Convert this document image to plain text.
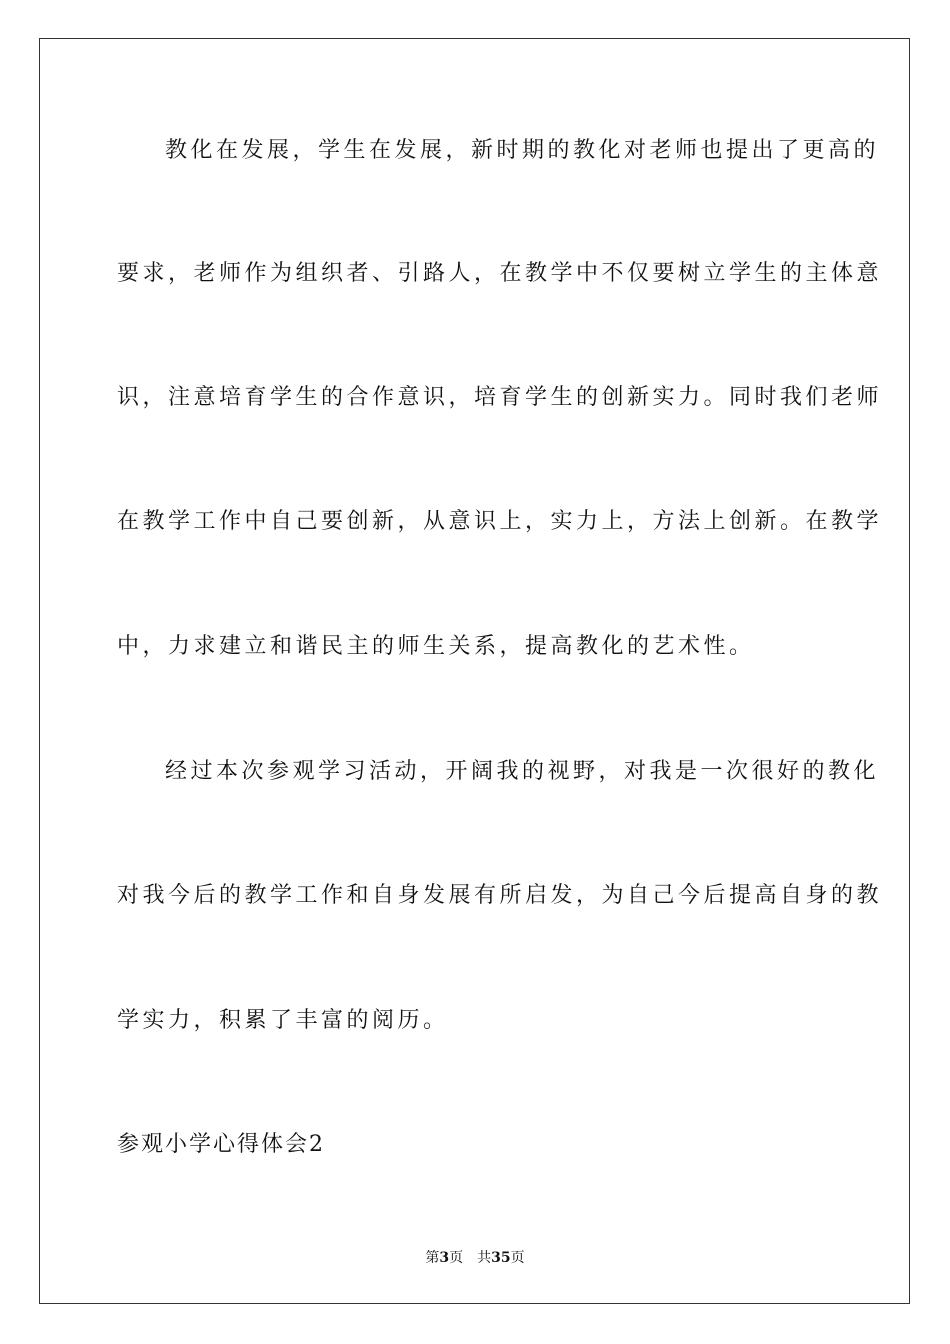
教化在发展，学生在发展，新时期的教化对老师也提出了更高的
要求，老师作为组织者、引路人，在教学中不仅要树立学生的主体意
识，注意培育学生的合作意识，培育学生的创新实力。同时我们老师
在教学工作中自己要创新，从意识上，实力上，方法上创新。在教学
中，力求建立和谐民主的师生关系，提高教化的艺术性。
经过本次参观学习活动，开阔我的视野，对我是一次很好的教化
对我今后的教学工作和自身发展有所启发，为自己今后提高自身的教
学实力，积累了丰富的阅历。
参观小学心得体会2
第3页 共35页
